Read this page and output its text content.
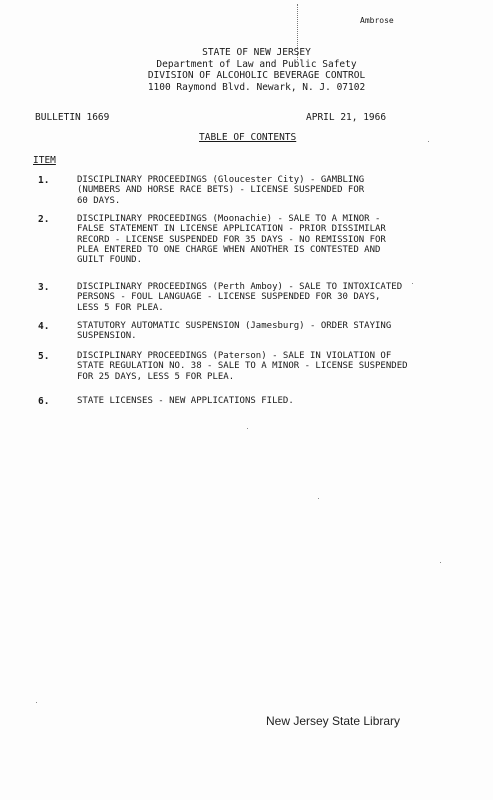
Ambrose
STATE OF NEW JERSEY
Department of Law and Public Safety
DIVISION OF ALCOHOLIC BEVERAGE CONTROL
1100 Raymond Blvd. Newark, N. J. 07102
BULLETIN 1669	APRIL 21, 1966
TABLE OF CONTENTS
ITEM
1.	DISCIPLINARY PROCEEDINGS (Gloucester City) - GAMBLING
(NUMBERS AND HORSE RACE BETS) - LICENSE SUSPENDED FOR
60 DAYS.
2.	DISCIPLINARY PROCEEDINGS (Moonachie) - SALE TO A MINOR -
FALSE STATEMENT IN LICENSE APPLICATION - PRIOR DISSIMILAR
RECORD - LICENSE SUSPENDED FOR 35 DAYS - NO REMISSION FOR
PLEA ENTERED TO ONE CHARGE WHEN ANOTHER IS CONTESTED AND
GUILT FOUND.
3.	DISCIPLINARY PROCEEDINGS (Perth Amboy) - SALE TO INTOXICATED
PERSONS - FOUL LANGUAGE - LICENSE SUSPENDED FOR 30 DAYS,
LESS 5 FOR PLEA.
4.	STATUTORY AUTOMATIC SUSPENSION (Jamesburg) - ORDER STAYING
SUSPENSION.
5.	DISCIPLINARY PROCEEDINGS (Paterson) - SALE IN VIOLATION OF
STATE REGULATION NO. 38 - SALE TO A MINOR - LICENSE SUSPENDED
FOR 25 DAYS, LESS 5 FOR PLEA.
6.	STATE LICENSES - NEW APPLICATIONS FILED.
New Jersey State Library
